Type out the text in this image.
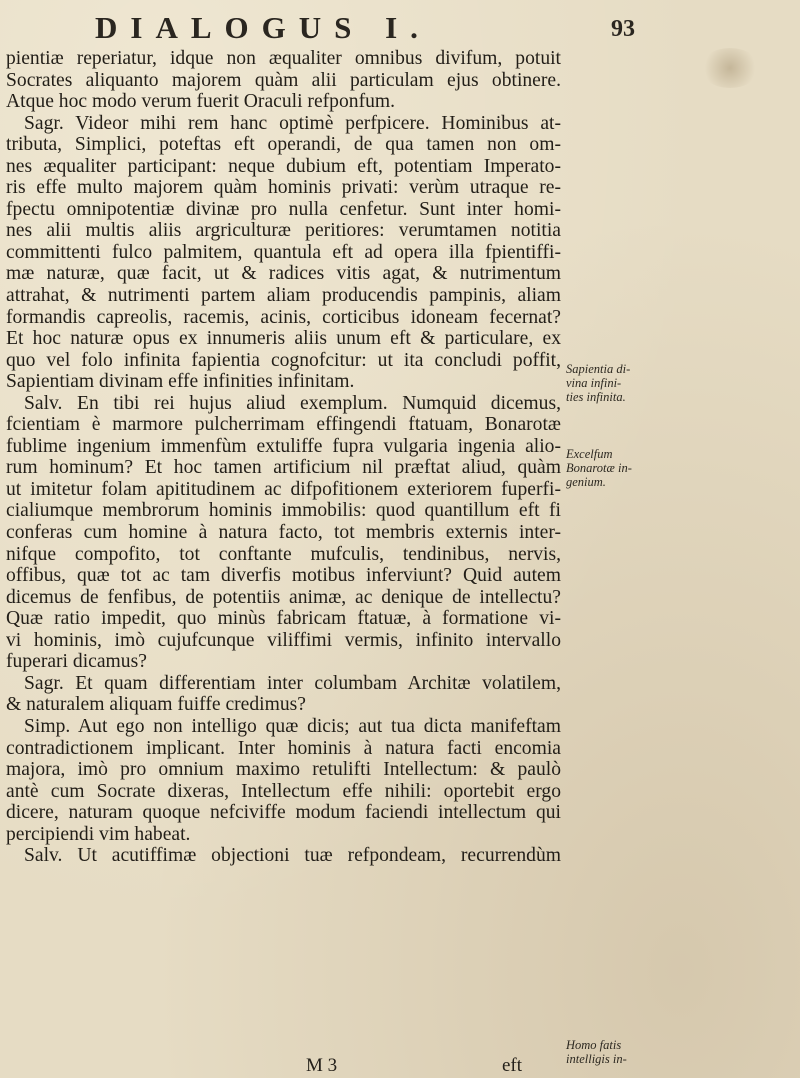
DIALOGUS I.	93
pientiæ reperiatur, idque non æqualiter omnibus divifum, potuit
Socrates aliquanto majorem quàm alii particulam ejus obtinere.
Atque hoc modo verum fuerit Oraculi refponfum.
Sagr. Videor mihi rem hanc optimè perfpicere. Hominibus at-
tributa, Simplici, poteftas eft operandi, de qua tamen non om-
nes æqualiter participant: neque dubium eft, potentiam Imperato-
ris effe multo majorem quàm hominis privati: verùm utraque re-
fpectu omnipotentiæ divinæ pro nulla cenfetur. Sunt inter homi-
nes alii multis aliis argriculturæ peritiores: verumtamen notitia
committenti fulco palmitem, quantula eft ad opera illa fpientiffi-
mæ naturæ, quæ facit, ut & radices vitis agat, & nutrimentum
attrahat, & nutrimenti partem aliam producendis pampinis, aliam
formandis capreolis, racemis, acinis, corticibus idoneam fecernat?
Et hoc naturæ opus ex innumeris aliis unum eft & particulare, ex
quo vel folo infinita fapientia cognofcitur: ut ita concludi poffit,
Sapientiam divinam effe infinities infinitam.
Salv. En tibi rei hujus aliud exemplum. Numquid dicemus,
fcientiam è marmore pulcherrimam effingendi ftatuam, Bonarotæ
fublime ingenium immenfùm extuliffe fupra vulgaria ingenia alio-
rum hominum? Et hoc tamen artificium nil præftat aliud, quàm
ut imitetur folam apititudinem ac difpofitionem exteriorem fuperfi-
cialiumque membrorum hominis immobilis: quod quantillum eft fi
conferas cum homine à natura facto, tot membris externis inter-
nifque compofito, tot conftante mufculis, tendinibus, nervis,
offibus, quæ tot ac tam diverfis motibus inferviunt? Quid autem
dicemus de fenfibus, de potentiis animæ, ac denique de intellectu?
Quæ ratio impedit, quo minùs fabricam ftatuæ, à formatione vi-
vi hominis, imò cujufcunque viliffimi vermis, infinito intervallo
fuperari dicamus?
Sagr. Et quam differentiam inter columbam Architæ volatilem,
& naturalem aliquam fuiffe credimus?
Simp. Aut ego non intelligo quæ dicis; aut tua dicta manifeftam
contradictionem implicant. Inter hominis à natura facti encomia
majora, imò pro omnium maximo retulifti Intellectum: & paulò
antè cum Socrate dixeras, Intellectum effe nihili: oportebit ergo
dicere, naturam quoque nefciviffe modum faciendi intellectum qui
percipiendi vim habeat.
Salv. Ut acutiffimæ objectioni tuæ refpondeam, recurrendùm
Sapientia di-
vina infini-
ties infinita.
Excelfum
Bonarotæ in-
genium.
Homo fatis
intelligis in-
M 3	eft
